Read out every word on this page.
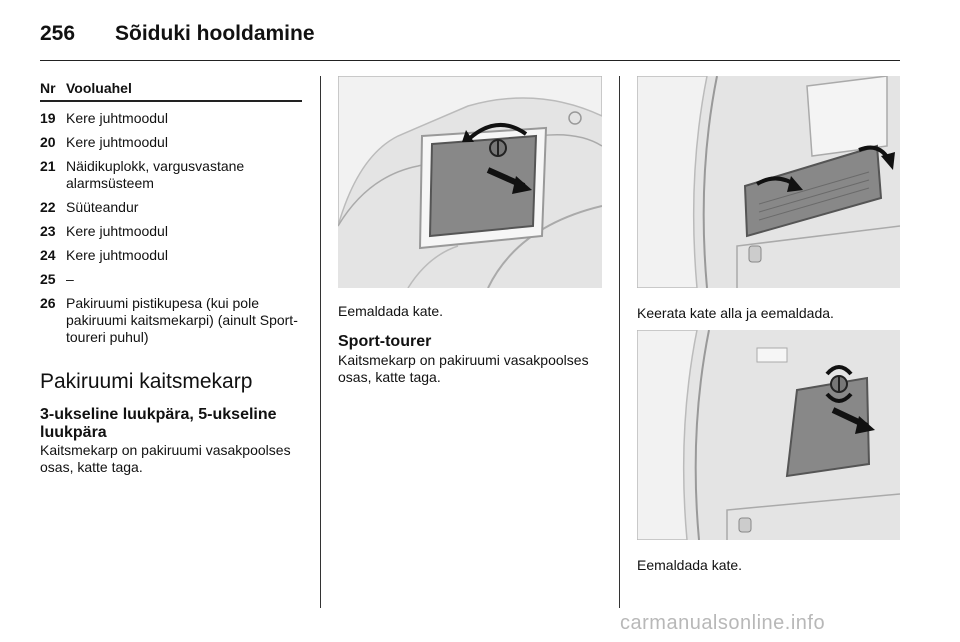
256 Sõiduki hooldamine
Nr Vooluahel
19 Kere juhtmoodul
20 Kere juhtmoodul
21 Näidikuplokk, vargusvastane alarmsüsteem
22 Süüteandur
23 Kere juhtmoodul
24 Kere juhtmoodul
25 –
26 Pakiruumi pistikupesa (kui pole pakiruumi kaitsmekarpi) (ainult Sport-toureri puhul)
Pakiruumi kaitsmekarp
3-ukseline luukpära, 5-ukseline luukpära
Kaitsmekarp on pakiruumi vasakpoolses osas, katte taga.
Eemaldada kate.
Sport-tourer
Kaitsmekarp on pakiruumi vasakpoolses osas, katte taga.
Keerata kate alla ja eemaldada.
Eemaldada kate.
carmanualsonline.info
